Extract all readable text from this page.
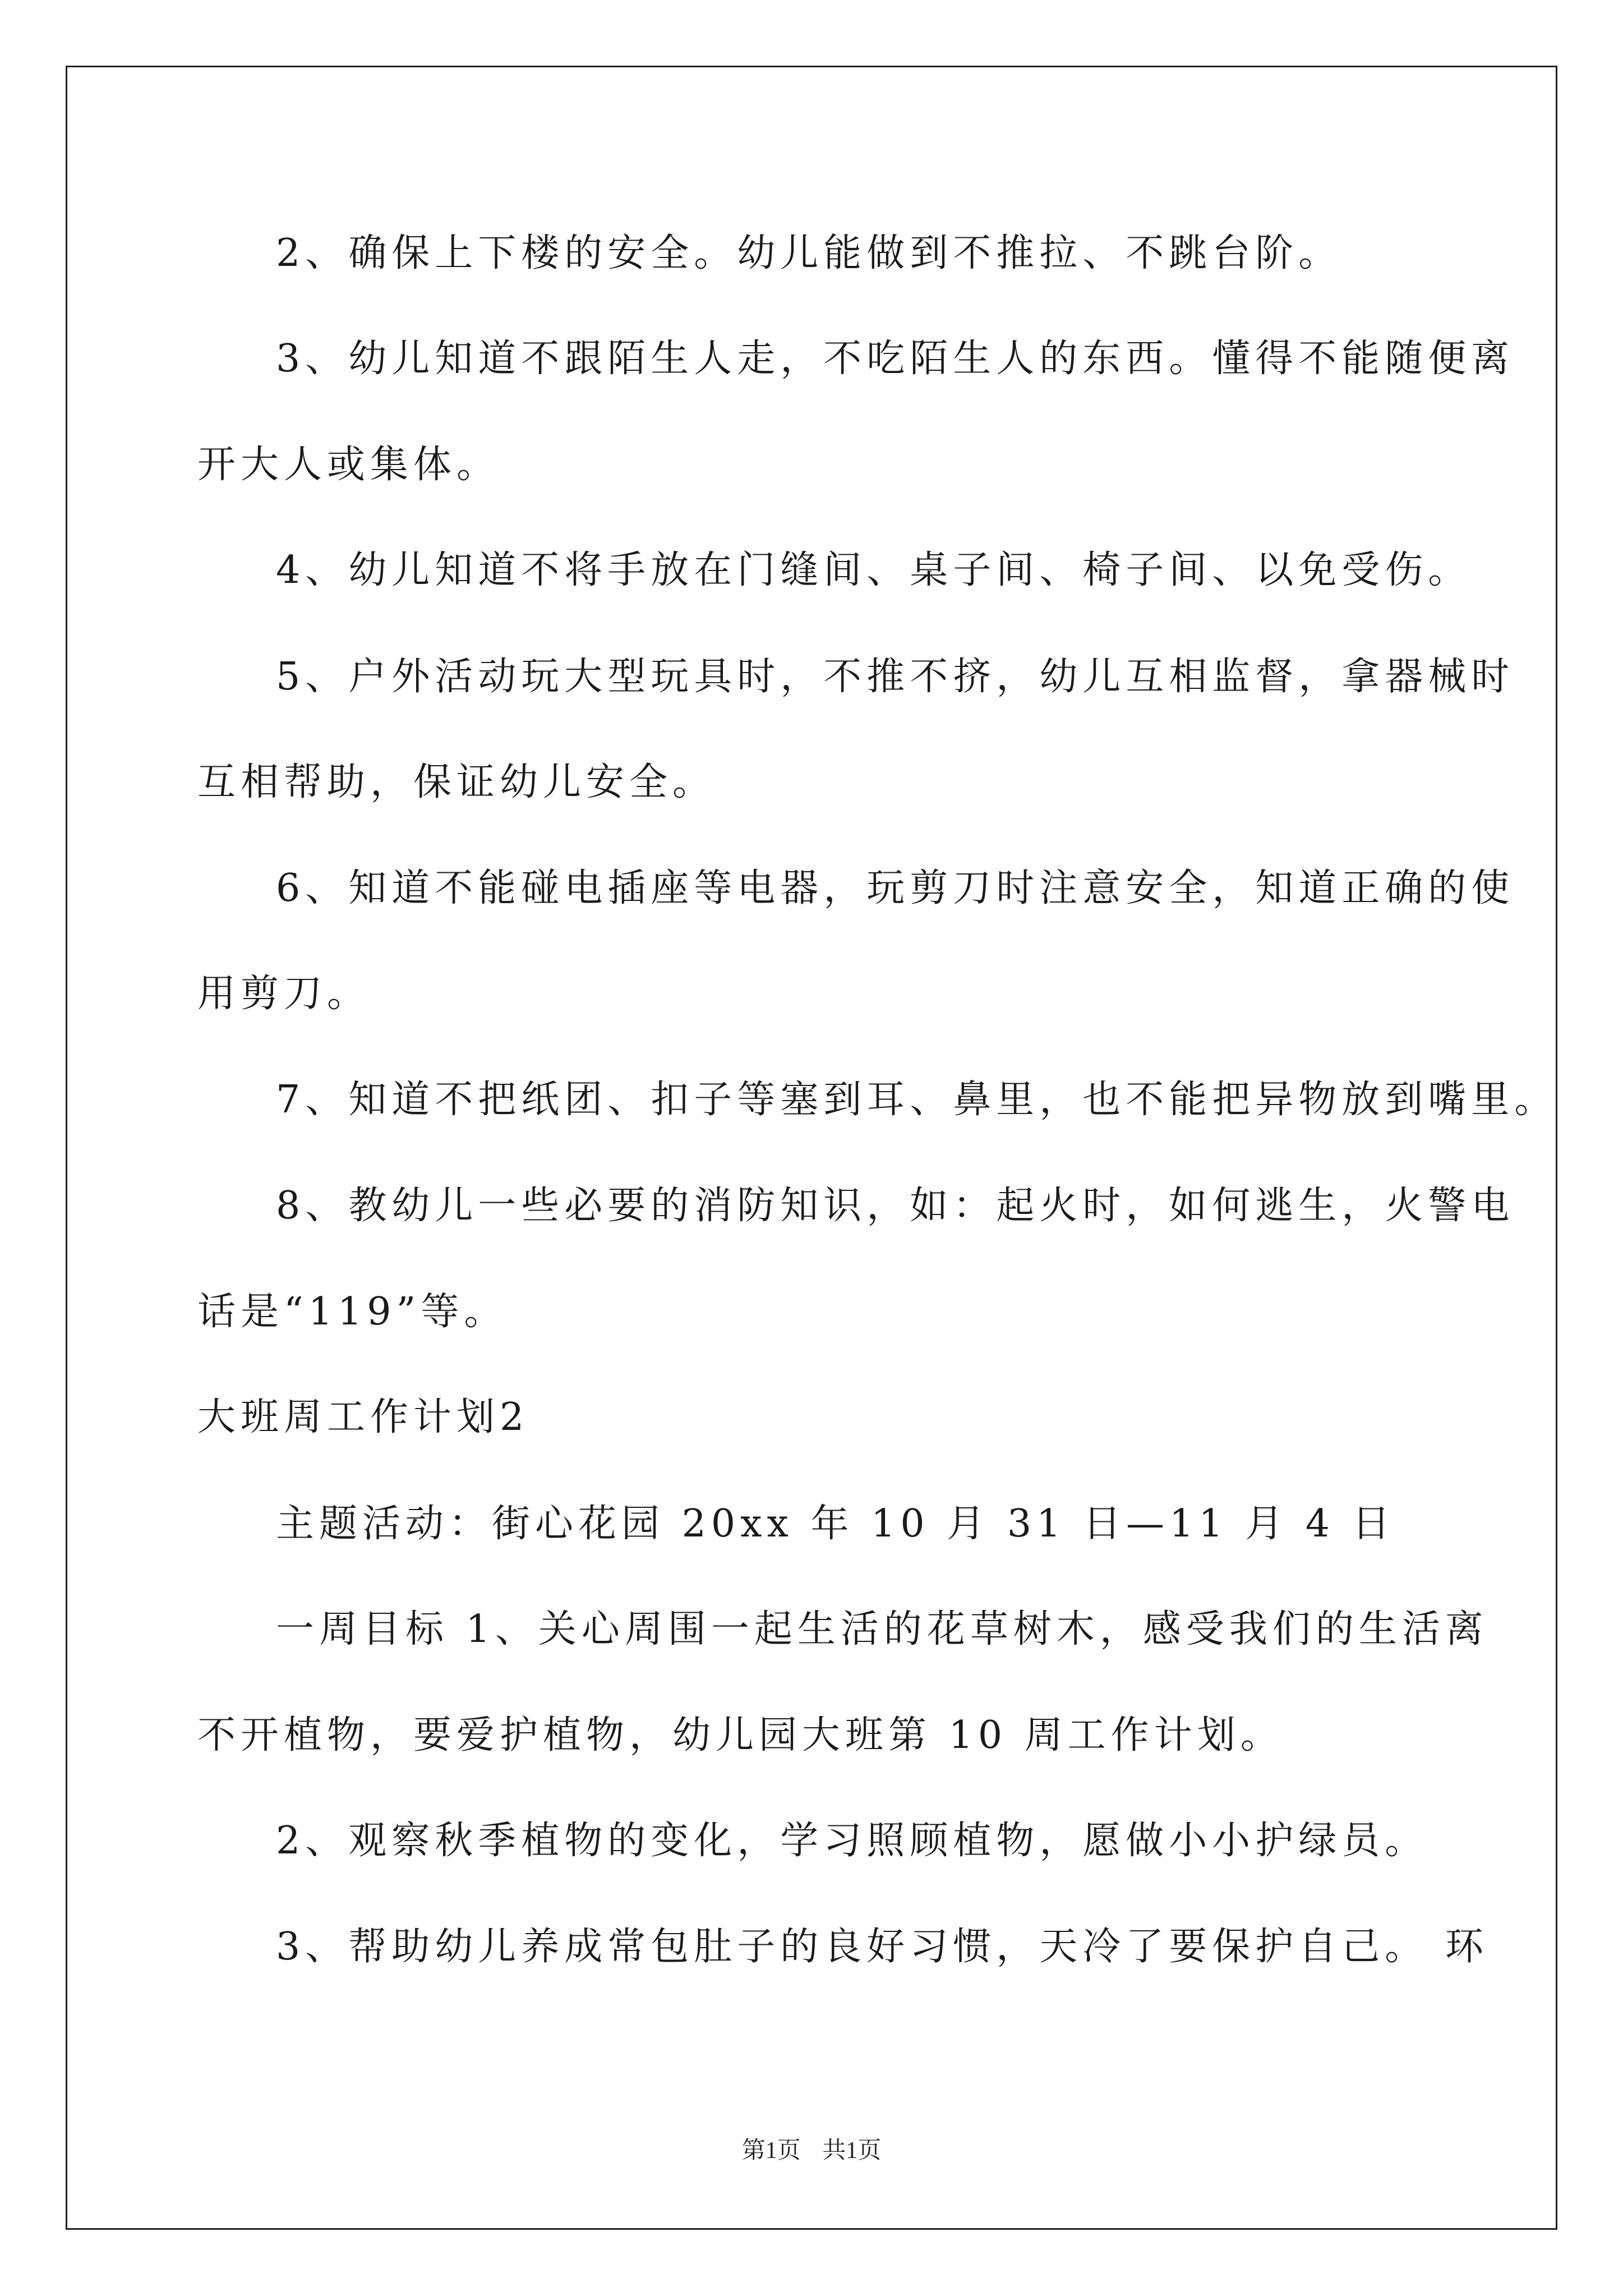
2、确保上下楼的安全。幼儿能做到不推拉、不跳台阶。
3、幼儿知道不跟陌生人走，不吃陌生人的东西。懂得不能随便离
开大人或集体。
4、幼儿知道不将手放在门缝间、桌子间、椅子间、以免受伤。
5、户外活动玩大型玩具时，不推不挤，幼儿互相监督，拿器械时
互相帮助，保证幼儿安全。
6、知道不能碰电插座等电器，玩剪刀时注意安全，知道正确的使
用剪刀。
7、知道不把纸团、扣子等塞到耳、鼻里，也不能把异物放到嘴里。
8、教幼儿一些必要的消防知识，如：起火时，如何逃生，火警电
话是“119”等。
大班周工作计划2
主题活动：街心花园 20xx 年 10 月 31 日—11 月 4 日
一周目标 1、关心周围一起生活的花草树木，感受我们的生活离
不开植物，要爱护植物，幼儿园大班第 10 周工作计划。
2、观察秋季植物的变化，学习照顾植物，愿做小小护绿员。
3、帮助幼儿养成常包肚子的良好习惯，天冷了要保护自己。 环
第1页 共1页
